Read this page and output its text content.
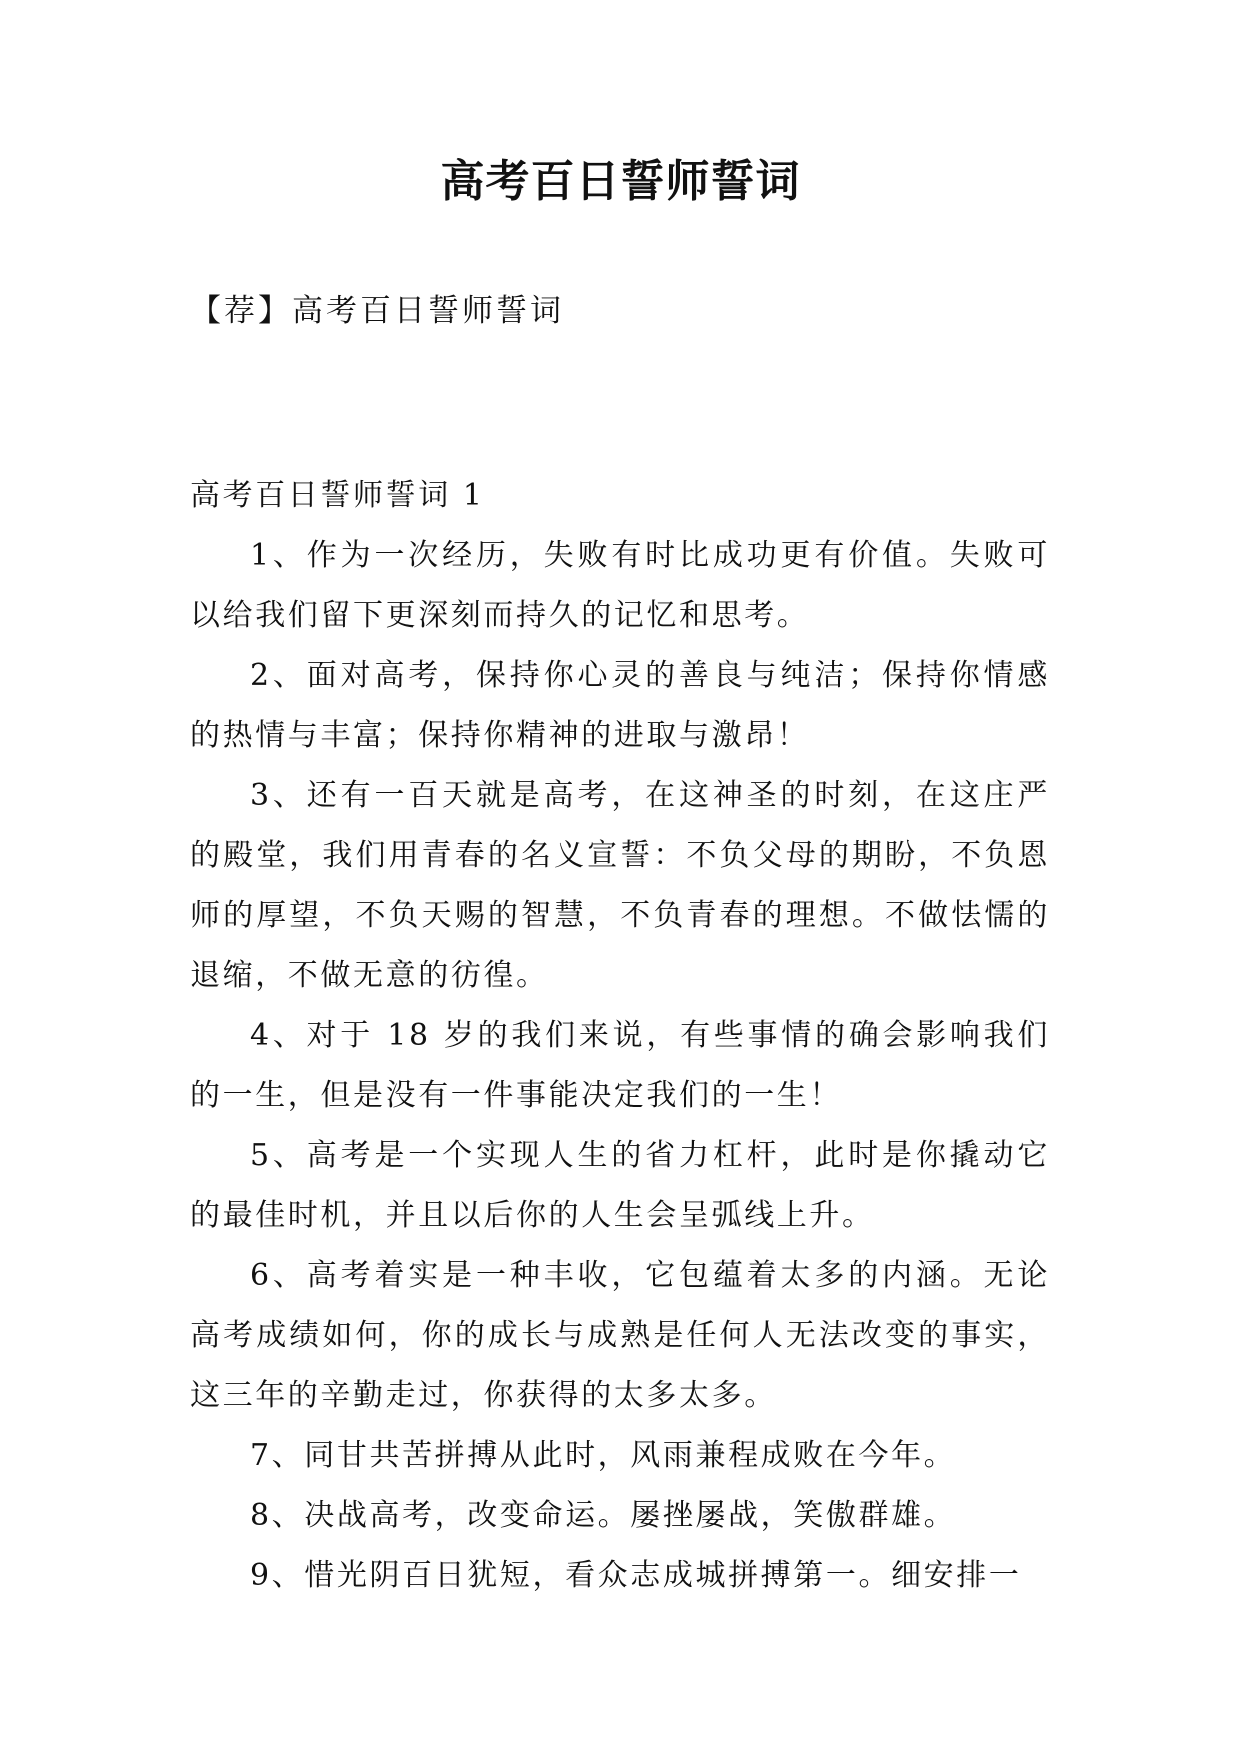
高考百日誓师誓词

【荐】高考百日誓师誓词

高考百日誓师誓词 1

1、作为一次经历，失败有时比成功更有价值。失败可以给我们留下更深刻而持久的记忆和思考。

2、面对高考，保持你心灵的善良与纯洁；保持你情感的热情与丰富；保持你精神的进取与激昂！

3、还有一百天就是高考，在这神圣的时刻，在这庄严的殿堂，我们用青春的名义宣誓：不负父母的期盼，不负恩师的厚望，不负天赐的智慧，不负青春的理想。不做怯懦的退缩，不做无意的彷徨。

4、对于 18 岁的我们来说，有些事情的确会影响我们的一生，但是没有一件事能决定我们的一生！

5、高考是一个实现人生的省力杠杆，此时是你撬动它的最佳时机，并且以后你的人生会呈弧线上升。

6、高考着实是一种丰收，它包蕴着太多的内涵。无论高考成绩如何，你的成长与成熟是任何人无法改变的事实，这三年的辛勤走过，你获得的太多太多。

7、同甘共苦拼搏从此时，风雨兼程成败在今年。

8、决战高考，改变命运。屡挫屡战，笑傲群雄。

9、惜光阴百日犹短，看众志成城拼搏第一。细安排一
